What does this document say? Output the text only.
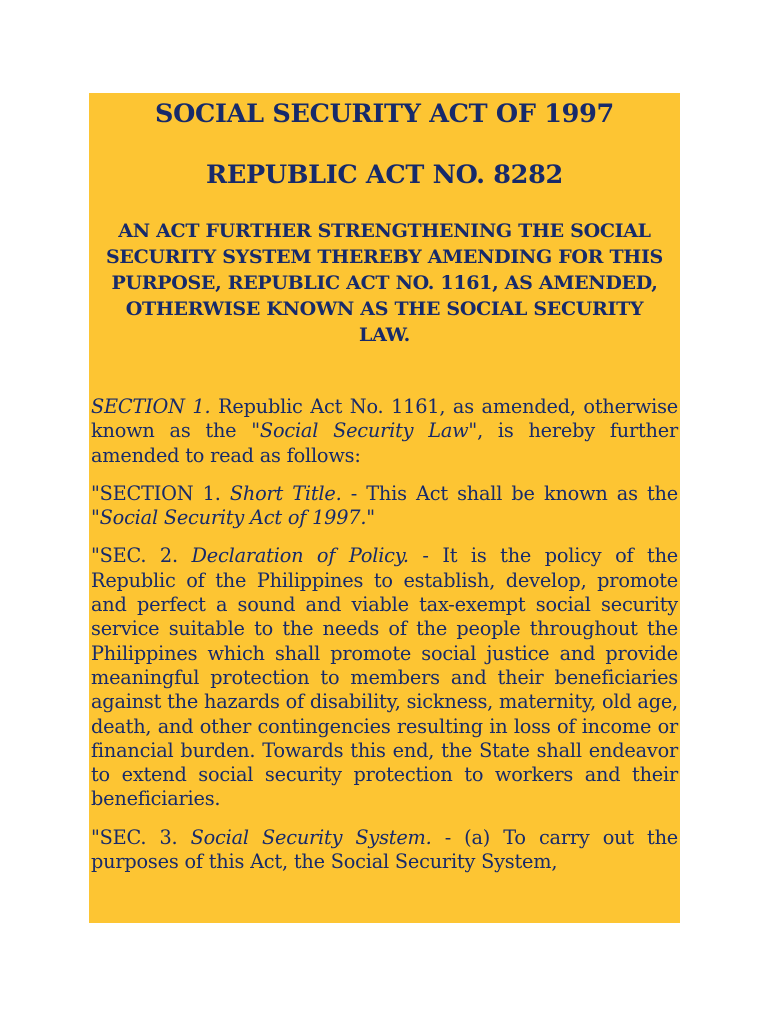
SOCIAL SECURITY ACT OF 1997
REPUBLIC ACT NO. 8282

AN ACT FURTHER STRENGTHENING THE SOCIAL SECURITY SYSTEM THEREBY AMENDING FOR THIS PURPOSE, REPUBLIC ACT NO. 1161, AS AMENDED, OTHERWISE KNOWN AS THE SOCIAL SECURITY LAW.

SECTION 1. Republic Act No. 1161, as amended, otherwise known as the "Social Security Law", is hereby further amended to read as follows:

"SECTION 1. Short Title. - This Act shall be known as the "Social Security Act of 1997."

"SEC. 2. Declaration of Policy. - It is the policy of the Republic of the Philippines to establish, develop, promote and perfect a sound and viable tax-exempt social security service suitable to the needs of the people throughout the Philippines which shall promote social justice and provide meaningful protection to members and their beneficiaries against the hazards of disability, sickness, maternity, old age, death, and other contingencies resulting in loss of income or financial burden. Towards this end, the State shall endeavor to extend social security protection to workers and their beneficiaries.

"SEC. 3. Social Security System. - (a) To carry out the purposes of this Act, the Social Security System,
